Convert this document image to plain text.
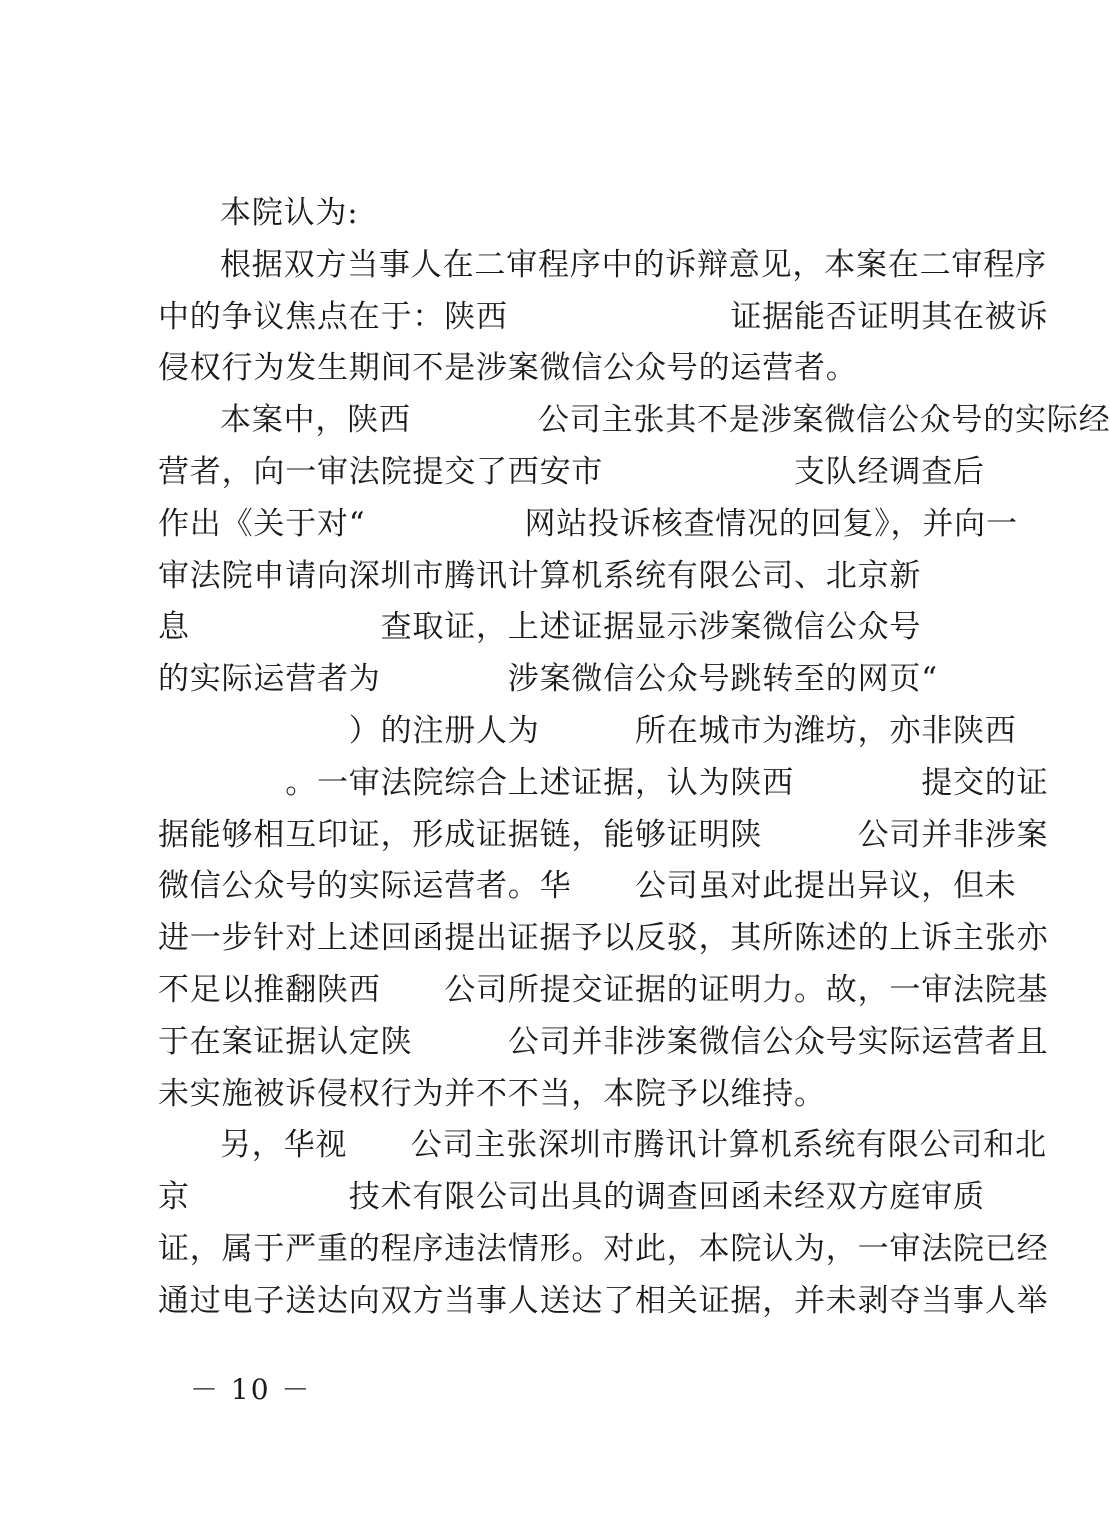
本院认为:
根据双方当事人在二审程序中的诉辩意见，本案在二审程序
中的争议焦点在于：陕西　　　　　　　证据能否证明其在被诉
侵权行为发生期间不是涉案微信公众号的运营者。
本案中，陕西　　　　公司主张其不是涉案微信公众号的实际经
营者，向一审法院提交了西安市　　　　　　支队经调查后
作出《关于对“　　　　　网站投诉核查情况的回复》，并向一
审法院申请向深圳市腾讯计算机系统有限公司、北京新
息　　　　　　查取证，上述证据显示涉案微信公众号
的实际运营者为　　　　涉案微信公众号跳转至的网页“
　　　　　　）的注册人为　　　所在城市为潍坊，亦非陕西
　　　　。一审法院综合上述证据，认为陕西　　　　提交的证
据能够相互印证，形成证据链，能够证明陕　　　公司并非涉案
微信公众号的实际运营者。华　　公司虽对此提出异议，但未
进一步针对上述回函提出证据予以反驳，其所陈述的上诉主张亦
不足以推翻陕西　　公司所提交证据的证明力。故，一审法院基
于在案证据认定陕　　　公司并非涉案微信公众号实际运营者且
未实施被诉侵权行为并不不当，本院予以维持。
另，华视　　公司主张深圳市腾讯计算机系统有限公司和北
京　　　　　技术有限公司出具的调查回函未经双方庭审质
证，属于严重的程序违法情形。对此，本院认为，一审法院已经
通过电子送达向双方当事人送达了相关证据，并未剥夺当事人举
－ 10 －
